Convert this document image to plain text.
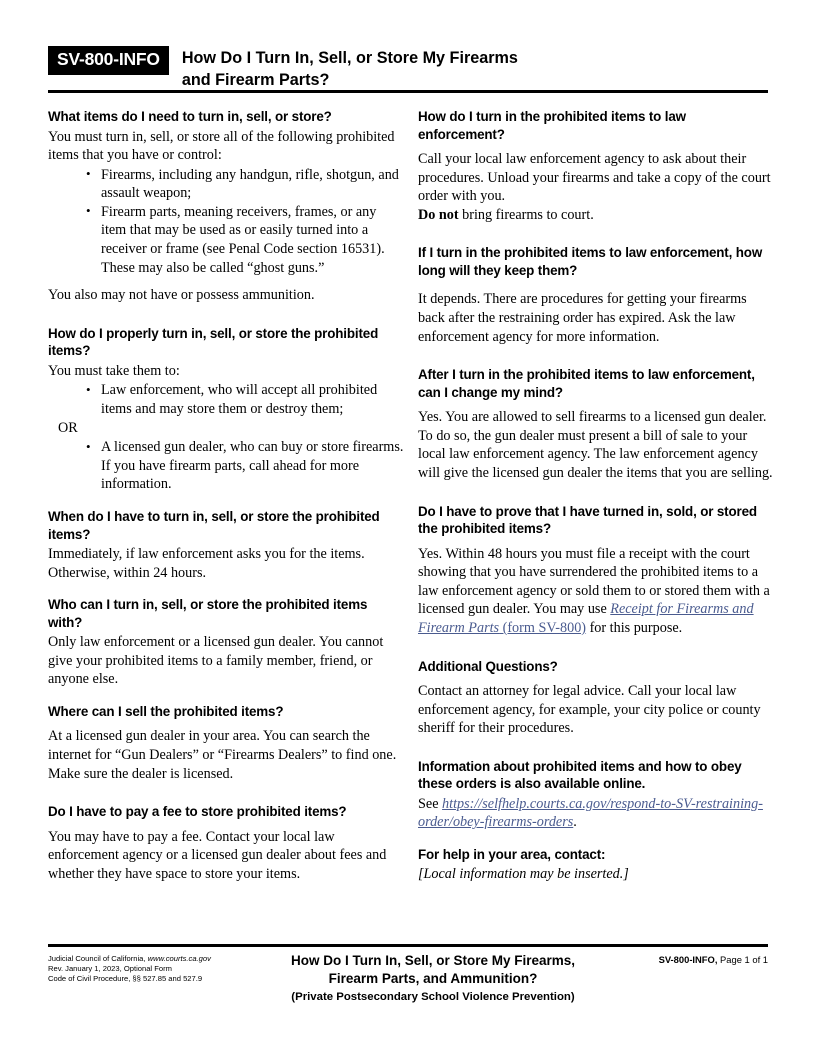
SV-800-INFO	How Do I Turn In, Sell, or Store My Firearms
and Firearm Parts?
What items do I need to turn in, sell, or store?

You must turn in, sell, or store all of the following prohibited items that you have or control:

• Firearms, including any handgun, rifle, shotgun, and assault weapon;
• Firearm parts, meaning receivers, frames, or any item that may be used as or easily turned into a receiver or frame (see Penal Code section 16531). These may also be called “ghost guns.”

You also may not have or possess ammunition.

How do I properly turn in, sell, or store the prohibited items?

You must take them to:

• Law enforcement, who will accept all prohibited items and may store them or destroy them;

OR

• A licensed gun dealer, who can buy or store firearms. If you have firearm parts, call ahead for more information.
When do I have to turn in, sell, or store the prohibited items?

Immediately, if law enforcement asks you for the items. Otherwise, within 24 hours.

Who can I turn in, sell, or store the prohibited items with?

Only law enforcement or a licensed gun dealer. You cannot give your prohibited items to a family member, friend, or anyone else.

Where can I sell the prohibited items?

At a licensed gun dealer in your area. You can search the internet for “Gun Dealers” or “Firearms Dealers” to find one. Make sure the dealer is licensed.

Do I have to pay a fee to store prohibited items?

You may have to pay a fee. Contact your local law enforcement agency or a licensed gun dealer about fees and whether they have space to store your items.

How do I turn in the prohibited items to law enforcement?

Call your local law enforcement agency to ask about their procedures. Unload your firearms and take a copy of the court order with you.

Do not bring firearms to court.

If I turn in the prohibited items to law enforcement, how long will they keep them?

It depends. There are procedures for getting your firearms back after the restraining order has expired. Ask the law enforcement agency for more information.

After I turn in the prohibited items to law enforcement, can I change my mind?

Yes. You are allowed to sell firearms to a licensed gun dealer. To do so, the gun dealer must present a bill of sale to your local law enforcement agency. The law enforcement agency will give the licensed gun dealer the items that you are selling.

Do I have to prove that I have turned in, sold, or stored the prohibited items?

Yes. Within 48 hours you must file a receipt with the court showing that you have surrendered the prohibited items to a law enforcement agency or sold them to or stored them with a licensed gun dealer. You may use Receipt for Firearms and Firearm Parts (form SV-800) for this purpose.

Additional Questions?

Contact an attorney for legal advice. Call your local law enforcement agency, for example, your city police or county sheriff for their procedures.

Information about prohibited items and how to obey these orders is also available online.

See https://selfhelp.courts.ca.gov/respond-to-SV-restraining-order/obey-firearms-orders.

For help in your area, contact:

[Local information may be inserted.]

Judicial Council of California, www.courts.ca.gov
Rev. January 1, 2023, Optional Form
Code of Civil Procedure, §§ 527.85 and 527.9
How Do I Turn In, Sell, or Store My Firearms,
Firearm Parts, and Ammunition?
(Private Postsecondary School Violence Prevention)
SV-800-INFO, Page 1 of 1
